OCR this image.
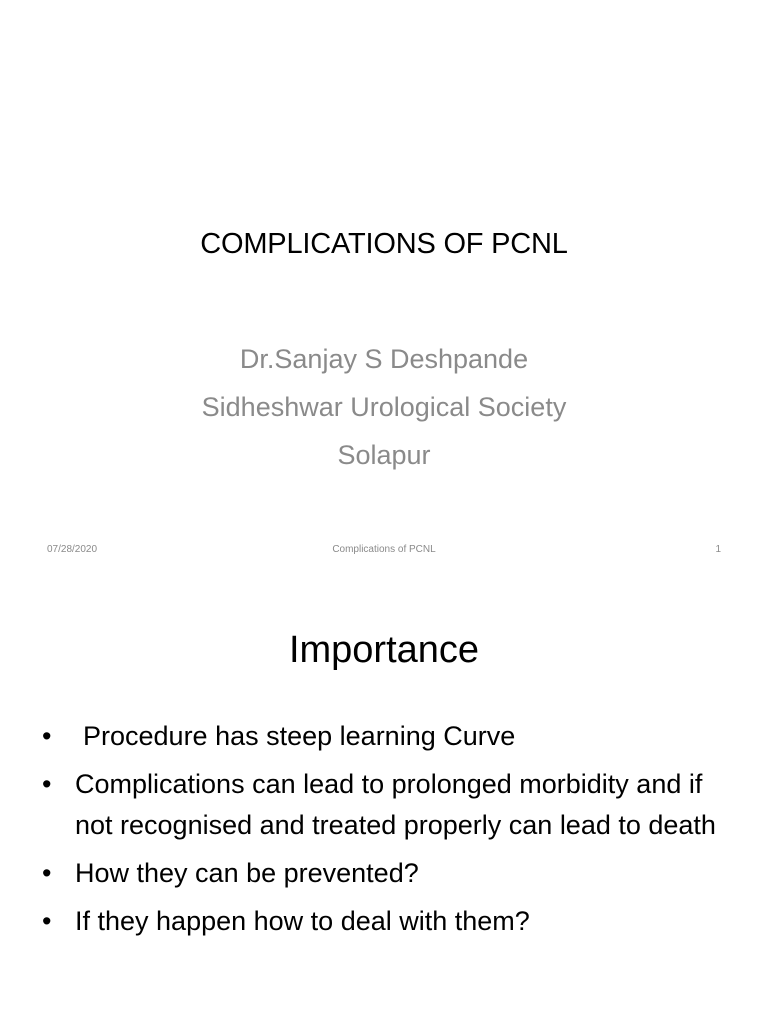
COMPLICATIONS OF PCNL
Dr.Sanjay S Deshpande
Sidheshwar Urological Society
Solapur
07/28/2020	Complications of PCNL	1
Importance
• Procedure has steep learning Curve
• Complications can lead to prolonged morbidity and if not recognised and treated properly can lead to death
• How they can be prevented?
• If they happen how to deal with them?
